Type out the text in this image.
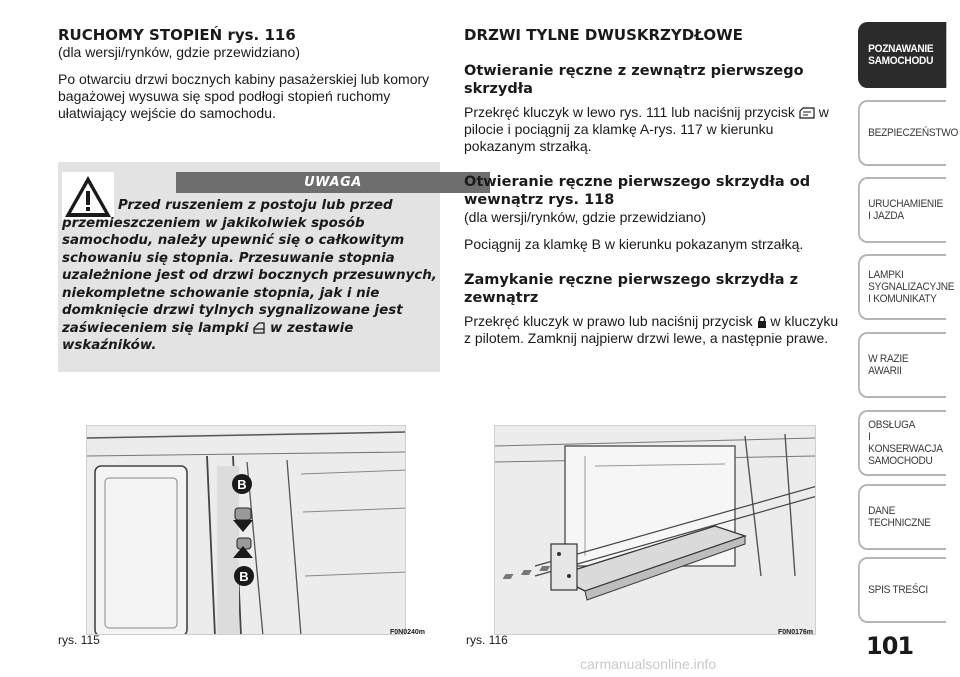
RUCHOMY STOPIEŃ rys. 116

(dla wersji/rynków, gdzie przewidziano)

Po otwarciu drzwi bocznych kabiny pasażerskiej lub komory bagażowej wysuwa się spod podłogi stopień ruchomy ułatwiający wejście do samochodu.

UWAGA
Przed ruszeniem z postoju lub przed przemieszczeniem w jakikolwiek sposób samochodu, należy upewnić się o całkowitym schowaniu się stopnia. Przesuwanie stopnia uzależnione jest od drzwi bocznych przesuwnych, niekompletne schowanie stopnia, jak i nie domknięcie drzwi tylnych sygnalizowane jest zaświeceniem się lampki w zestawie wskaźników.
DRZWI TYLNE DWUSKRZYDŁOWE
Otwieranie ręczne z zewnątrz pierwszego skrzydła

Przekręć kluczyk w lewo rys. 111 lub naciśnij przycisk w pilocie i pociągnij za klamkę A-rys. 117 w kierunku pokazanym strzałką.

Otwieranie ręczne pierwszego skrzydła od wewnątrz rys. 118

(dla wersji/rynków, gdzie przewidziano)

Pociągnij za klamkę B w kierunku pokazanym strzałką.

Zamykanie ręczne pierwszego skrzydła z zewnątrz

Przekręć kluczyk w prawo lub naciśnij przycisk w kluczyku z pilotem. Zamknij najpierw drzwi lewe, a następnie prawe.

B
B
rys. 115
F0N0240m
rys. 116
F0N0176m
POZNAWANIE
SAMOCHODU
BEZPIECZEŃSTWO
URUCHAMIENIE
I JAZDA
LAMPKI
SYGNALIZACYJNE
I KOMUNIKATY
W RAZIE AWARII
OBSŁUGA
I KONSERWACJA
SAMOCHODU
DANE TECHNICZNE
SPIS TREŚCI
101
carmanualsonline.info
